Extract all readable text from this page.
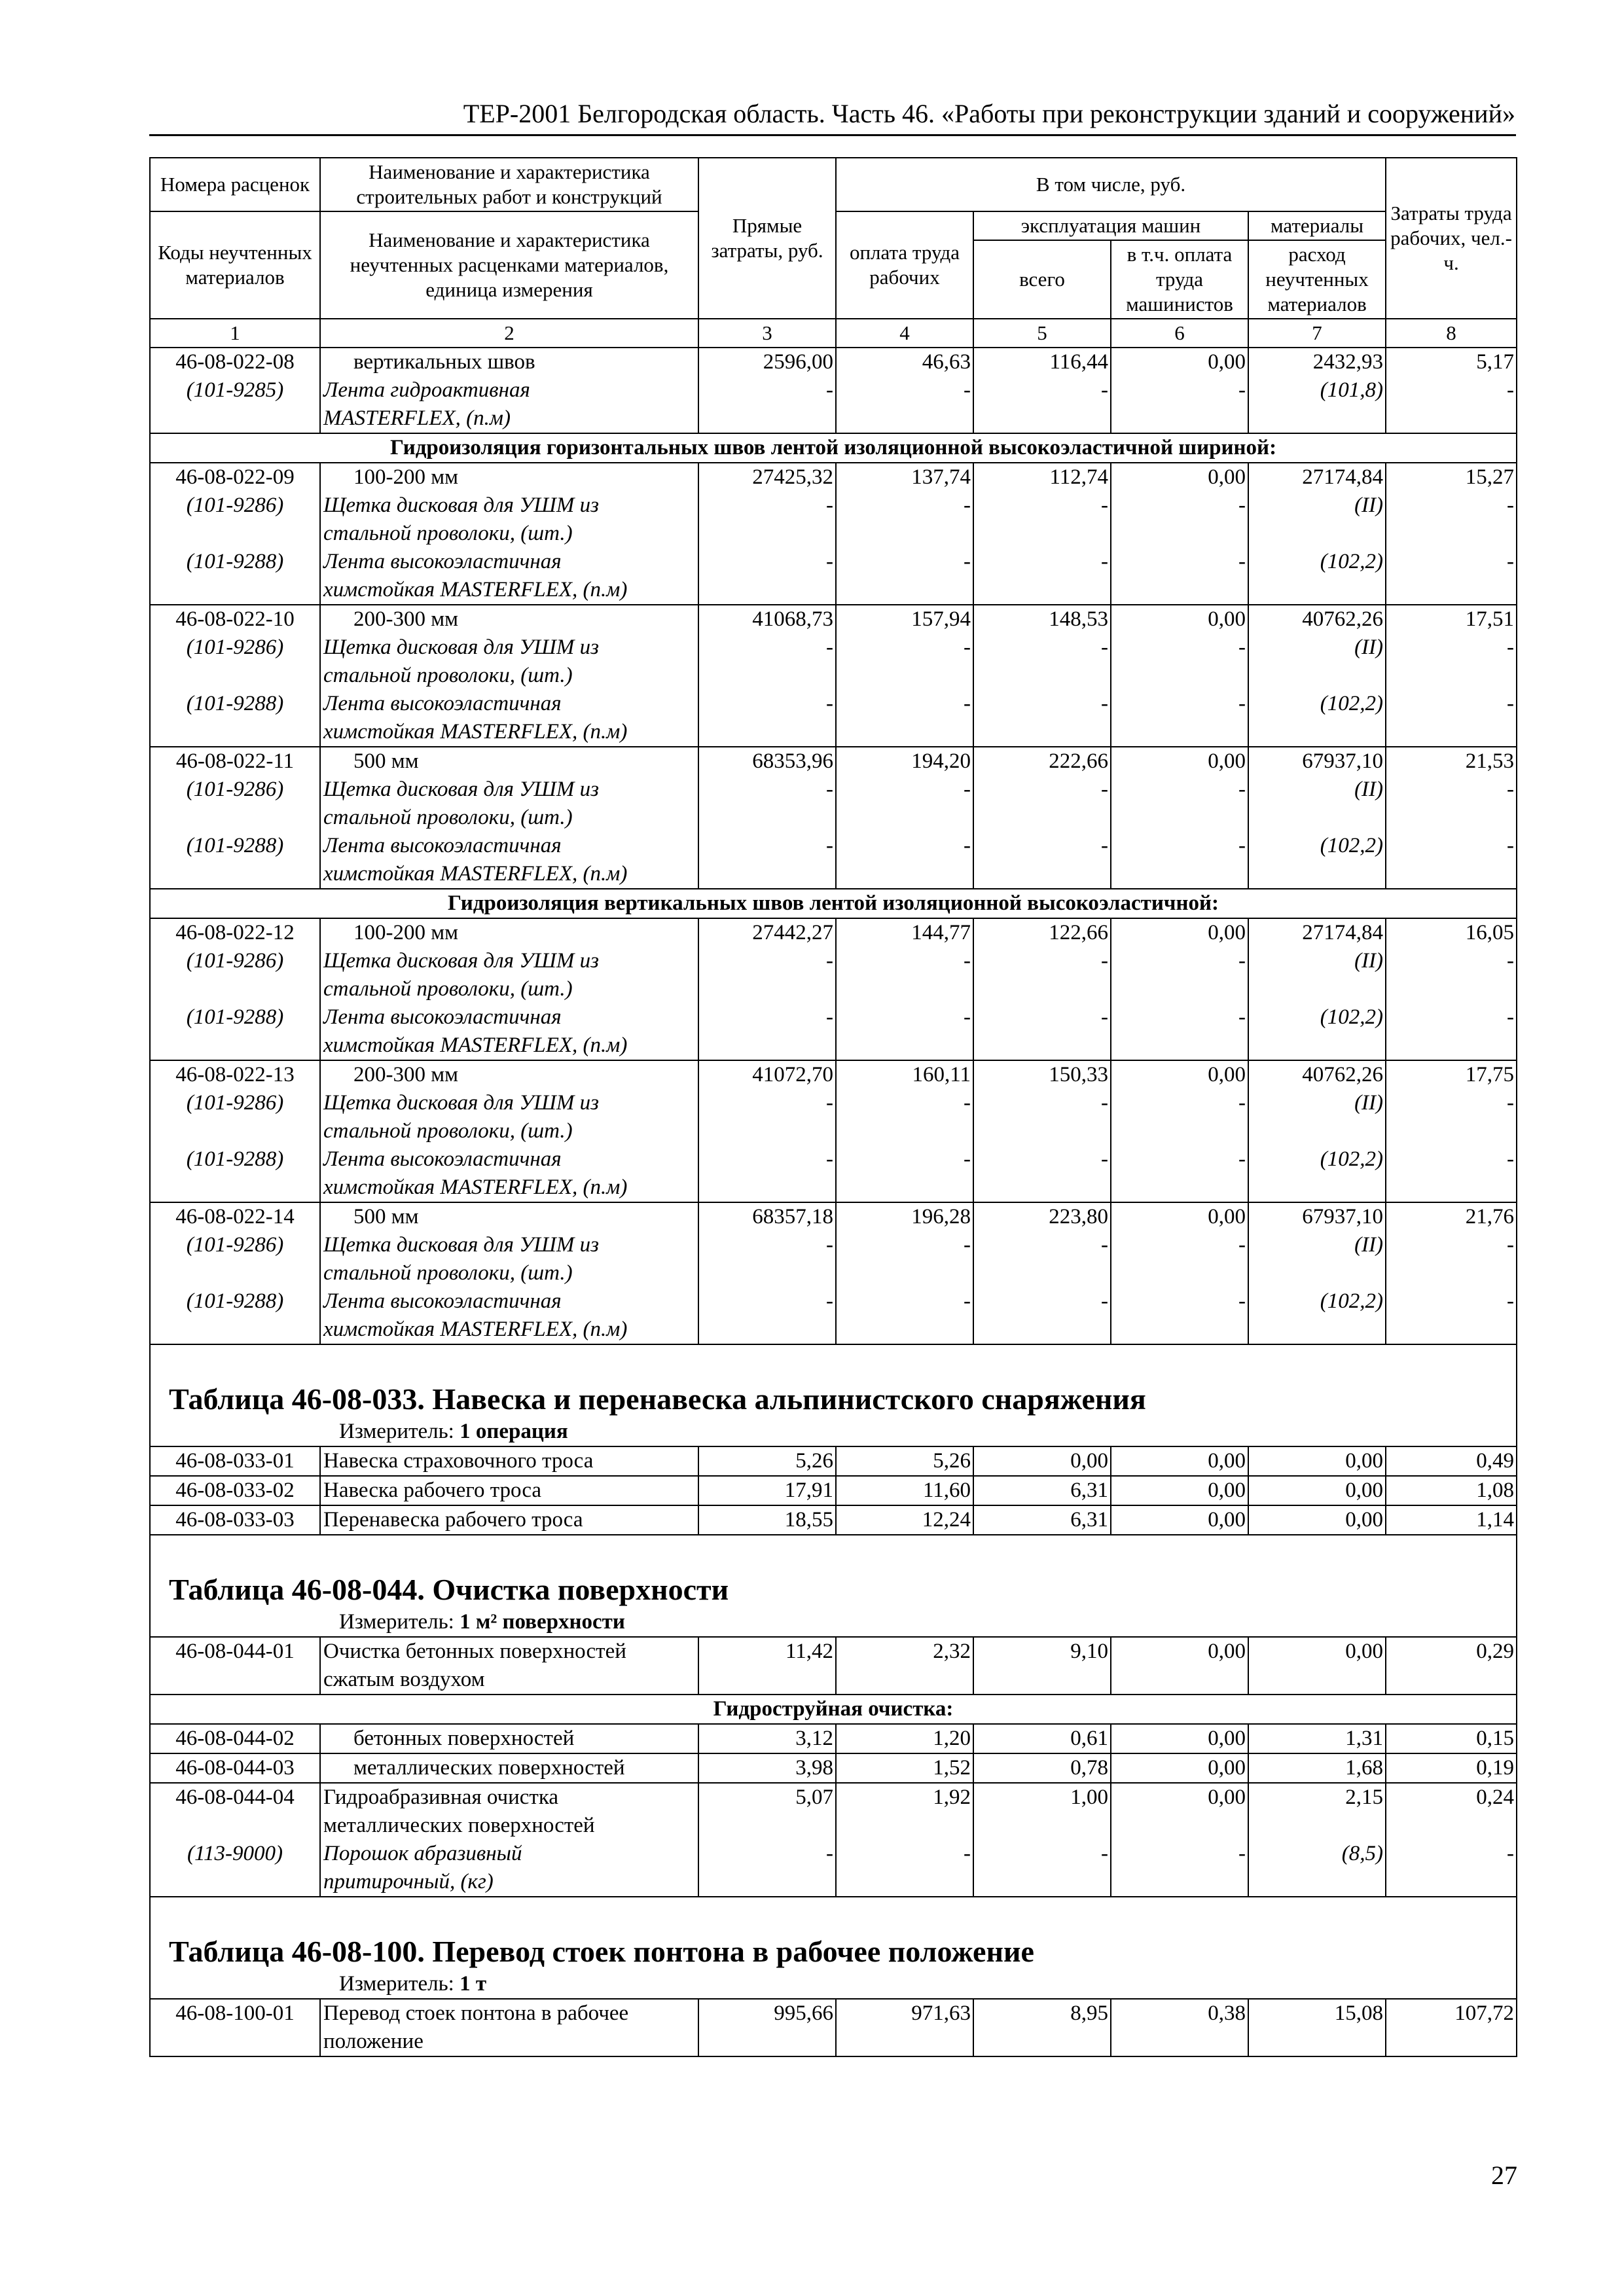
ТЕР-2001 Белгородская область. Часть 46. «Работы при реконструкции зданий и сооружений»
Номера расценок	Наименование и характеристика строительных работ и конструкций	Прямые затраты, руб.	В том числе, руб.				Затраты труда рабочих, чел.-ч.
Коды неучтенных материалов	Наименование и характеристика неучтенных расценками материалов, единица измерения		оплата труда рабочих	эксплуатация машин		материалы	
				всего	в т.ч. оплата труда машинистов	расход неучтенных материалов	
1	2	3	4	5	6	7	8
46-08-022-08	вертикальных швов	2596,00	46,63	116,44	0,00	2432,93	5,17
(101-9285)	Лента гидроактивная	-	-	-	-	(101,8)	-
	MASTERFLEX, (п.м)						
Гидроизоляция горизонтальных швов лентой изоляционной высокоэластичной шириной:							
46-08-022-09	100-200 мм	27425,32	137,74	112,74	0,00	27174,84	15,27
(101-9286)	Щетка дисковая для УШМ из	-	-	-	-	(II)	-
	стальной проволоки, (шт.)						
(101-9288)	Лента высокоэластичная	-	-	-	-	(102,2)	-
	химстойкая MASTERFLEX, (п.м)						
46-08-022-10	200-300 мм	41068,73	157,94	148,53	0,00	40762,26	17,51
(101-9286)	Щетка дисковая для УШМ из	-	-	-	-	(II)	-
	стальной проволоки, (шт.)						
(101-9288)	Лента высокоэластичная	-	-	-	-	(102,2)	-
	химстойкая MASTERFLEX, (п.м)						
46-08-022-11	500 мм	68353,96	194,20	222,66	0,00	67937,10	21,53
(101-9286)	Щетка дисковая для УШМ из	-	-	-	-	(II)	-
	стальной проволоки, (шт.)						
(101-9288)	Лента высокоэластичная	-	-	-	-	(102,2)	-
	химстойкая MASTERFLEX, (п.м)						
Гидроизоляция вертикальных швов лентой изоляционной высокоэластичной:							
46-08-022-12	100-200 мм	27442,27	144,77	122,66	0,00	27174,84	16,05
(101-9286)	Щетка дисковая для УШМ из	-	-	-	-	(II)	-
	стальной проволоки, (шт.)						
(101-9288)	Лента высокоэластичная	-	-	-	-	(102,2)	-
	химстойкая MASTERFLEX, (п.м)						
46-08-022-13	200-300 мм	41072,70	160,11	150,33	0,00	40762,26	17,75
(101-9286)	Щетка дисковая для УШМ из	-	-	-	-	(II)	-
	стальной проволоки, (шт.)						
(101-9288)	Лента высокоэластичная	-	-	-	-	(102,2)	-
	химстойкая MASTERFLEX, (п.м)						
46-08-022-14	500 мм	68357,18	196,28	223,80	0,00	67937,10	21,76
(101-9286)	Щетка дисковая для УШМ из	-	-	-	-	(II)	-
	стальной проволоки, (шт.)						
(101-9288)	Лента высокоэластичная	-	-	-	-	(102,2)	-
	химстойкая MASTERFLEX, (п.м)						
Таблица 46-08-033. Навеска и перенавеска альпинистского снаряжения							
Измеритель: 1 операция							
46-08-033-01	Навеска страховочного троса	5,26	5,26	0,00	0,00	0,00	0,49
46-08-033-02	Навеска рабочего троса	17,91	11,60	6,31	0,00	0,00	1,08
46-08-033-03	Перенавеска рабочего троса	18,55	12,24	6,31	0,00	0,00	1,14
Таблица 46-08-044. Очистка поверхности							
Измеритель: 1 м² поверхности							
46-08-044-01	Очистка бетонных поверхностей	11,42	2,32	9,10	0,00	0,00	0,29
	сжатым воздухом						
Гидроструйная очистка:							
46-08-044-02	бетонных поверхностей	3,12	1,20	0,61	0,00	1,31	0,15
46-08-044-03	металлических поверхностей	3,98	1,52	0,78	0,00	1,68	0,19
46-08-044-04	Гидроабразивная очистка	5,07	1,92	1,00	0,00	2,15	0,24
	металлических поверхностей						
(113-9000)	Порошок абразивный	-	-	-	-	(8,5)	-
	притирочный, (кг)						
Таблица 46-08-100. Перевод стоек понтона в рабочее положение							
Измеритель: 1 т							
46-08-100-01	Перевод стоек понтона в рабочее	995,66	971,63	8,95	0,38	15,08	107,72
	положение						
27
